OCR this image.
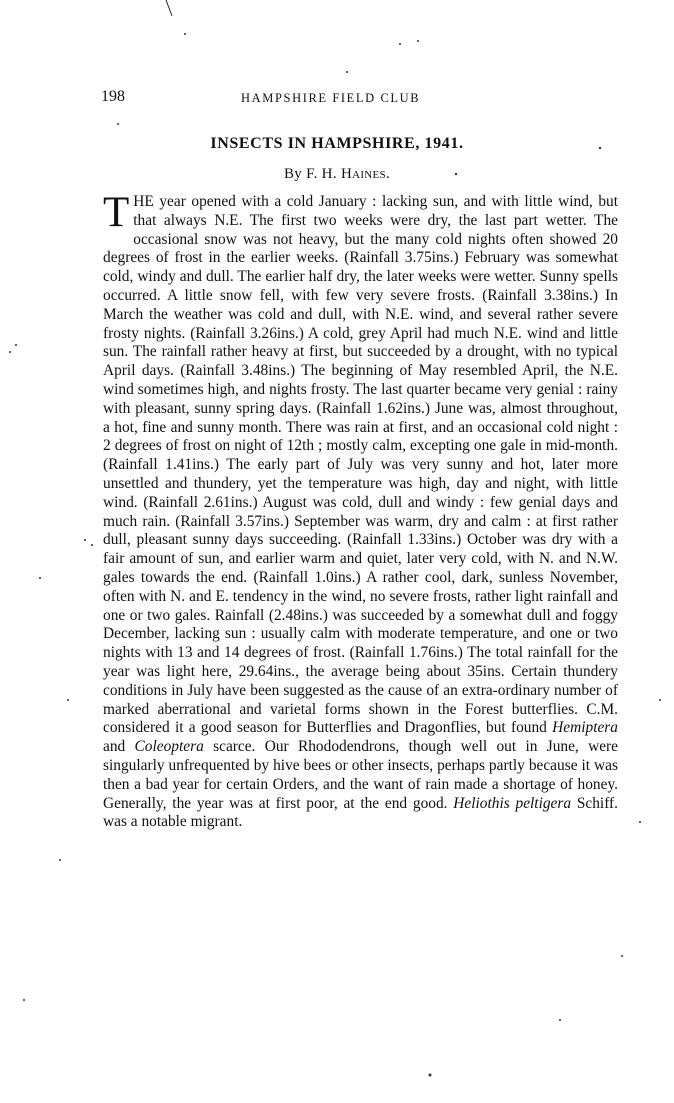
198	HAMPSHIRE FIELD CLUB
INSECTS IN HAMPSHIRE, 1941.
By F. H. Haines.
T HE year opened with a cold January : lacking sun, and with little wind, but that always N.E. The first two weeks were dry, the last part wetter. The occasional snow was not heavy, but the many cold nights often showed 20 degrees of frost in the earlier weeks. (Rainfall 3.75ins.) February was somewhat cold, windy and dull. The earlier half dry, the later weeks were wetter. Sunny spells occurred. A little snow fell, with few very severe frosts. (Rainfall 3.38ins.) In March the weather was cold and dull, with N.E. wind, and several rather severe frosty nights. (Rainfall 3.26ins.) A cold, grey April had much N.E. wind and little sun. The rainfall rather heavy at first, but succeeded by a drought, with no typical April days. (Rainfall 3.48ins.) The beginning of May resembled April, the N.E. wind sometimes high, and nights frosty. The last quarter became very genial : rainy with pleasant, sunny spring days. (Rainfall 1.62ins.) June was, almost throughout, a hot, fine and sunny month. There was rain at first, and an occasional cold night : 2 degrees of frost on night of 12th ; mostly calm, excepting one gale in mid-month. (Rainfall 1.41ins.) The early part of July was very sunny and hot, later more unsettled and thundery, yet the temperature was high, day and night, with little wind. (Rainfall 2.61ins.) August was cold, dull and windy : few genial days and much rain. (Rainfall 3.57ins.) September was warm, dry and calm : at first rather dull, pleasant sunny days succeeding. (Rainfall 1.33ins.) October was dry with a fair amount of sun, and earlier warm and quiet, later very cold, with N. and N.W. gales towards the end. (Rainfall 1.0ins.) A rather cool, dark, sunless November, often with N. and E. tendency in the wind, no severe frosts, rather light rainfall and one or two gales. Rainfall (2.48ins.) was succeeded by a somewhat dull and foggy December, lacking sun : usually calm with moderate temperature, and one or two nights with 13 and 14 degrees of frost. (Rainfall 1.76ins.) The total rainfall for the year was light here, 29.64ins., the average being about 35ins. Certain thundery conditions in July have been suggested as the cause of an extra-ordinary number of marked aberrational and varietal forms shown in the Forest butterflies. C.M. considered it a good season for Butterflies and Dragonflies, but found Hemiptera and Coleoptera scarce. Our Rhododendrons, though well out in June, were singularly unfrequented by hive bees or other insects, perhaps partly because it was then a bad year for certain Orders, and the want of rain made a shortage of honey. Generally, the year was at first poor, at the end good. Heliothis peltigera Schiff. was a notable migrant.
